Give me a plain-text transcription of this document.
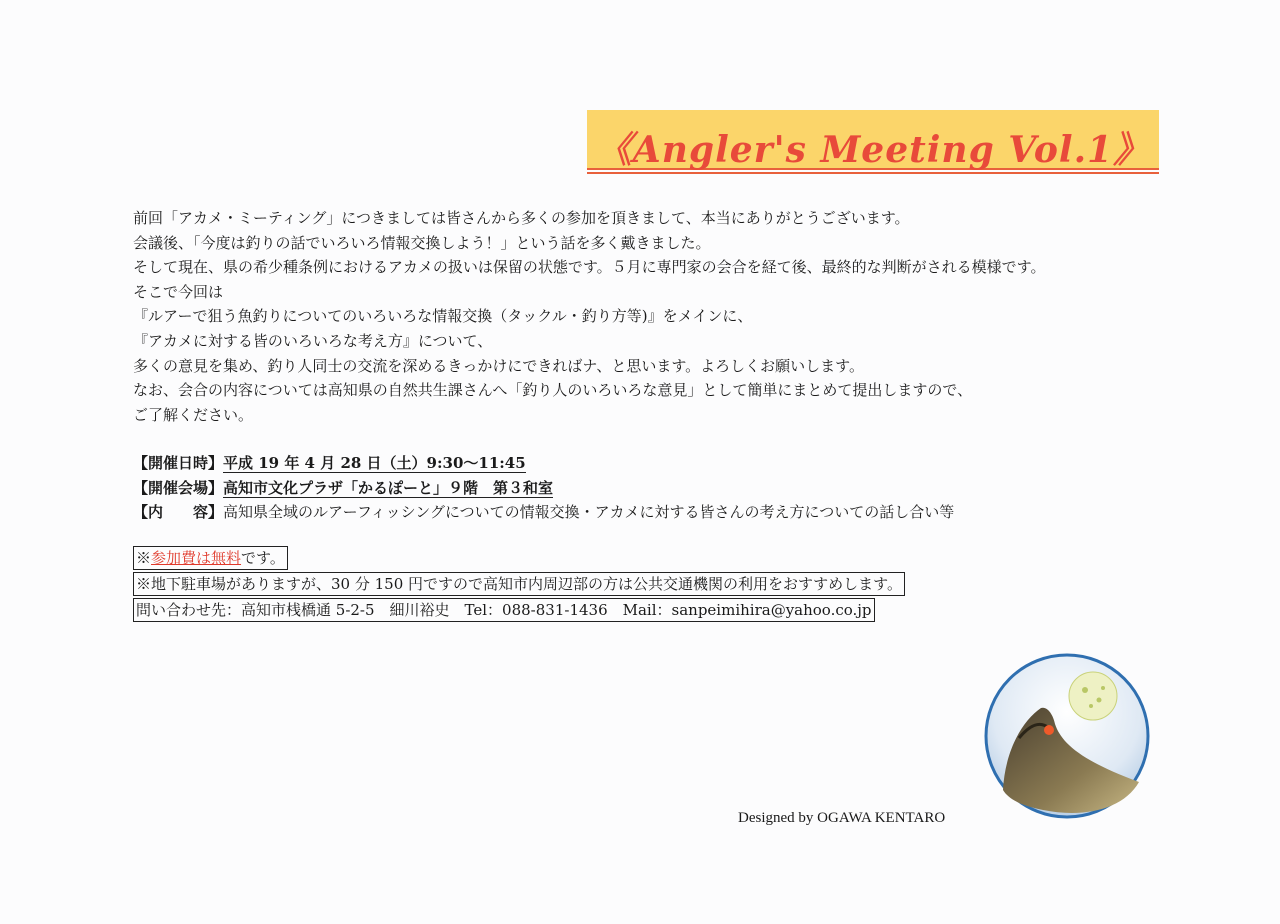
《Angler's Meeting Vol.1》

前回「アカメ・ミーティング」につきましては皆さんから多くの参加を頂きまして、本当にありがとうございます。

会議後、「今度は釣りの話でいろいろ情報交換しよう！」という話を多く戴きました。

そして現在、県の希少種条例におけるアカメの扱いは保留の状態です。５月に専門家の会合を経て後、最終的な判断がされる模様です。

そこで今回は

『ルアーで狙う魚釣りについてのいろいろな情報交換（タックル・釣り方等)』をメインに、

『アカメに対する皆のいろいろな考え方』について、

多くの意見を集め、釣り人同士の交流を深めるきっかけにできればナ、と思います。よろしくお願いします。

なお、会合の内容については高知県の自然共生課さんへ「釣り人のいろいろな意見」として簡単にまとめて提出しますので、

ご了解ください。

【開催日時】平成 19 年 4 月 28 日（土）9:30〜11:45
【開催会場】高知市文化プラザ「かるぽーと」９階　第３和室
【内　　容】高知県全域のルアーフィッシングについての情報交換・アカメに対する皆さんの考え方についての話し合い等
※参加費は無料です。
※地下駐車場がありますが、30 分 150 円ですので高知市内周辺部の方は公共交通機関の利用をおすすめします。
問い合わせ先：高知市桟橋通 5-2-5　細川裕史　Tel：088-831-1436　Mail：sanpeimihira@yahoo.co.jp
Designed by OGAWA KENTARO
